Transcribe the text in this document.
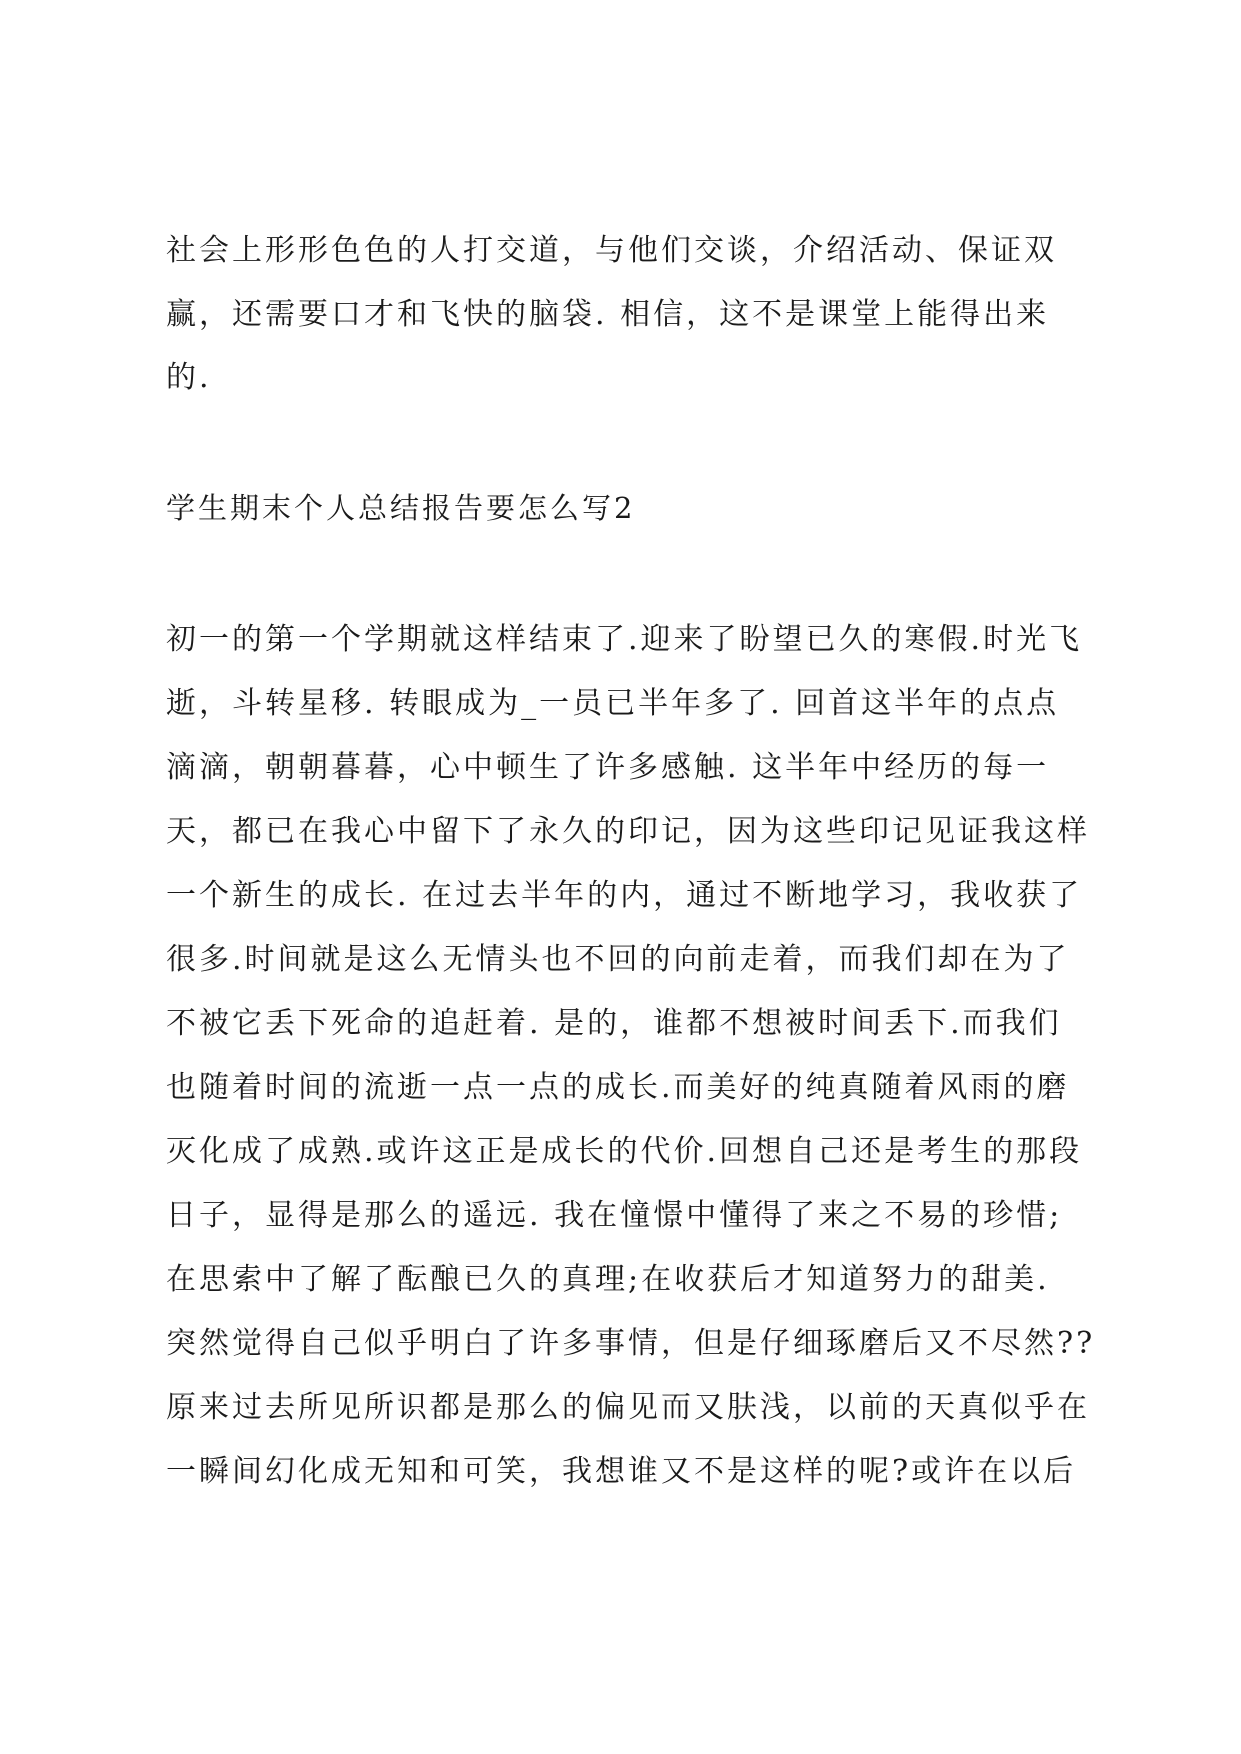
社会上形形色色的人打交道，与他们交谈，介绍活动、保证双
赢，还需要口才和飞快的脑袋. 相信，这不是课堂上能得出来
的.
学生期末个人总结报告要怎么写2
初一的第一个学期就这样结束了.迎来了盼望已久的寒假.时光飞
逝，斗转星移. 转眼成为_一员已半年多了. 回首这半年的点点
滴滴，朝朝暮暮，心中顿生了许多感触. 这半年中经历的每一
天，都已在我心中留下了永久的印记，因为这些印记见证我这样
一个新生的成长. 在过去半年的内，通过不断地学习，我收获了
很多.时间就是这么无情头也不回的向前走着，而我们却在为了
不被它丢下死命的追赶着. 是的，谁都不想被时间丢下.而我们
也随着时间的流逝一点一点的成长.而美好的纯真随着风雨的磨
灭化成了成熟.或许这正是成长的代价.回想自己还是考生的那段
日子，显得是那么的遥远. 我在憧憬中懂得了来之不易的珍惜;
在思索中了解了酝酿已久的真理;在收获后才知道努力的甜美.
突然觉得自己似乎明白了许多事情，但是仔细琢磨后又不尽然??
原来过去所见所识都是那么的偏见而又肤浅，以前的天真似乎在
一瞬间幻化成无知和可笑，我想谁又不是这样的呢?或许在以后
